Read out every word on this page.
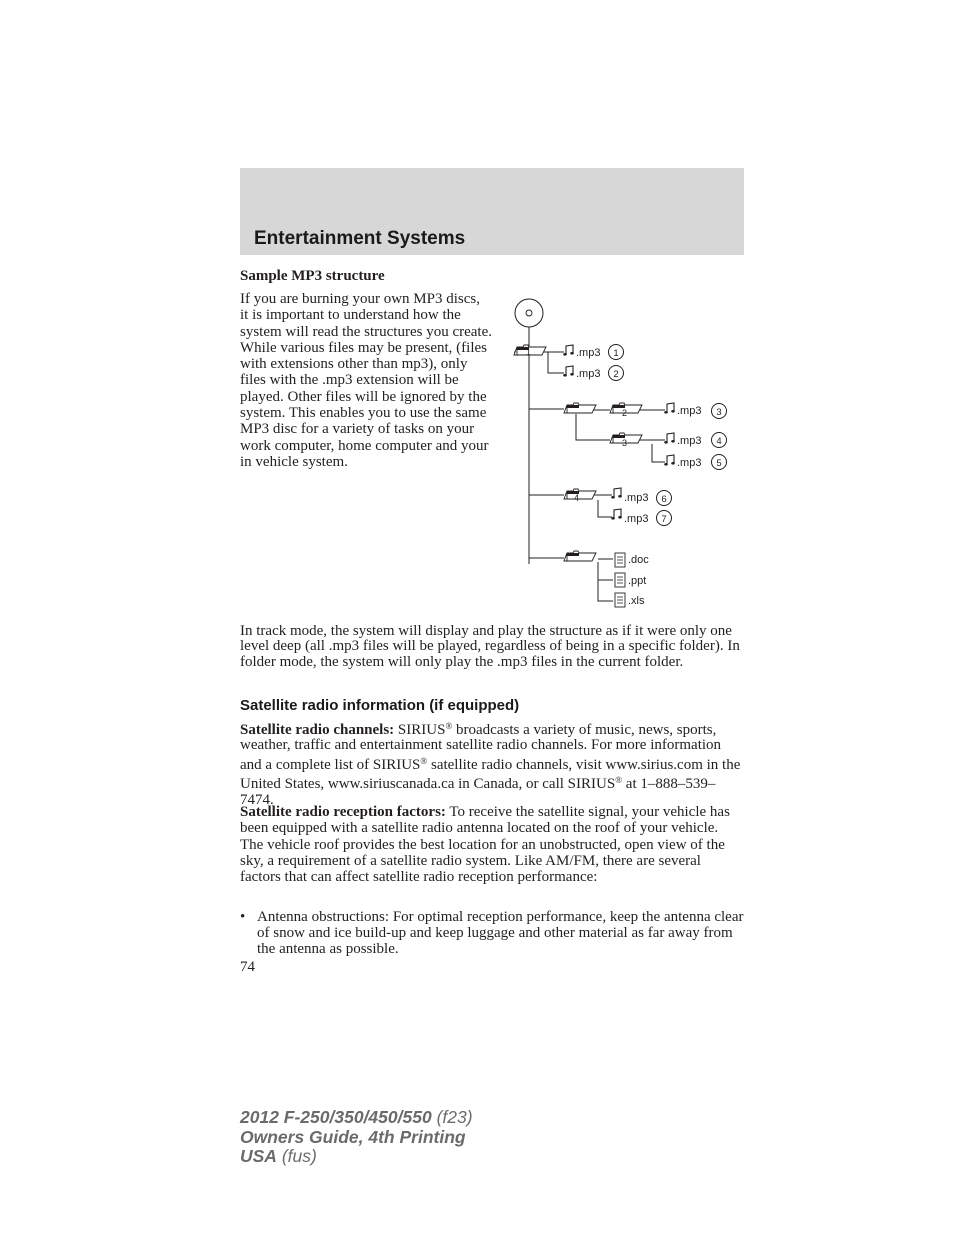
Entertainment Systems
Sample MP3 structure

If you are burning your own MP3 discs, it is important to understand how the system will read the structures you create. While various files may be present, (files with extensions other than mp3), only files with the .mp3 extension will be played. Other files will be ignored by the system. This enables you to use the same MP3 disc for a variety of tasks on your work computer, home computer and your in vehicle system.

1	.mp3 1
.mp3 2
2	.mp3 3
3	.mp3 4
.mp3 5
4	.mp3 6
.mp3 7
.doc
.ppt
.xls

In track mode, the system will display and play the structure as if it were only one level deep (all .mp3 files will be played, regardless of being in a specific folder). In folder mode, the system will only play the .mp3 files in the current folder.

Satellite radio information (if equipped)

Satellite radio channels: SIRIUS® broadcasts a variety of music, news, sports, weather, traffic and entertainment satellite radio channels. For more information and a complete list of SIRIUS® satellite radio channels, visit www.sirius.com in the United States, www.siriuscanada.ca in Canada, or call SIRIUS® at 1–888–539–7474.

Satellite radio reception factors: To receive the satellite signal, your vehicle has been equipped with a satellite radio antenna located on the roof of your vehicle. The vehicle roof provides the best location for an unobstructed, open view of the sky, a requirement of a satellite radio system. Like AM/FM, there are several factors that can affect satellite radio reception performance:

• Antenna obstructions: For optimal reception performance, keep the antenna clear of snow and ice build-up and keep luggage and other material as far away from the antenna as possible.

74
2012 F-250/350/450/550 (f23)
Owners Guide, 4th Printing
USA (fus)
